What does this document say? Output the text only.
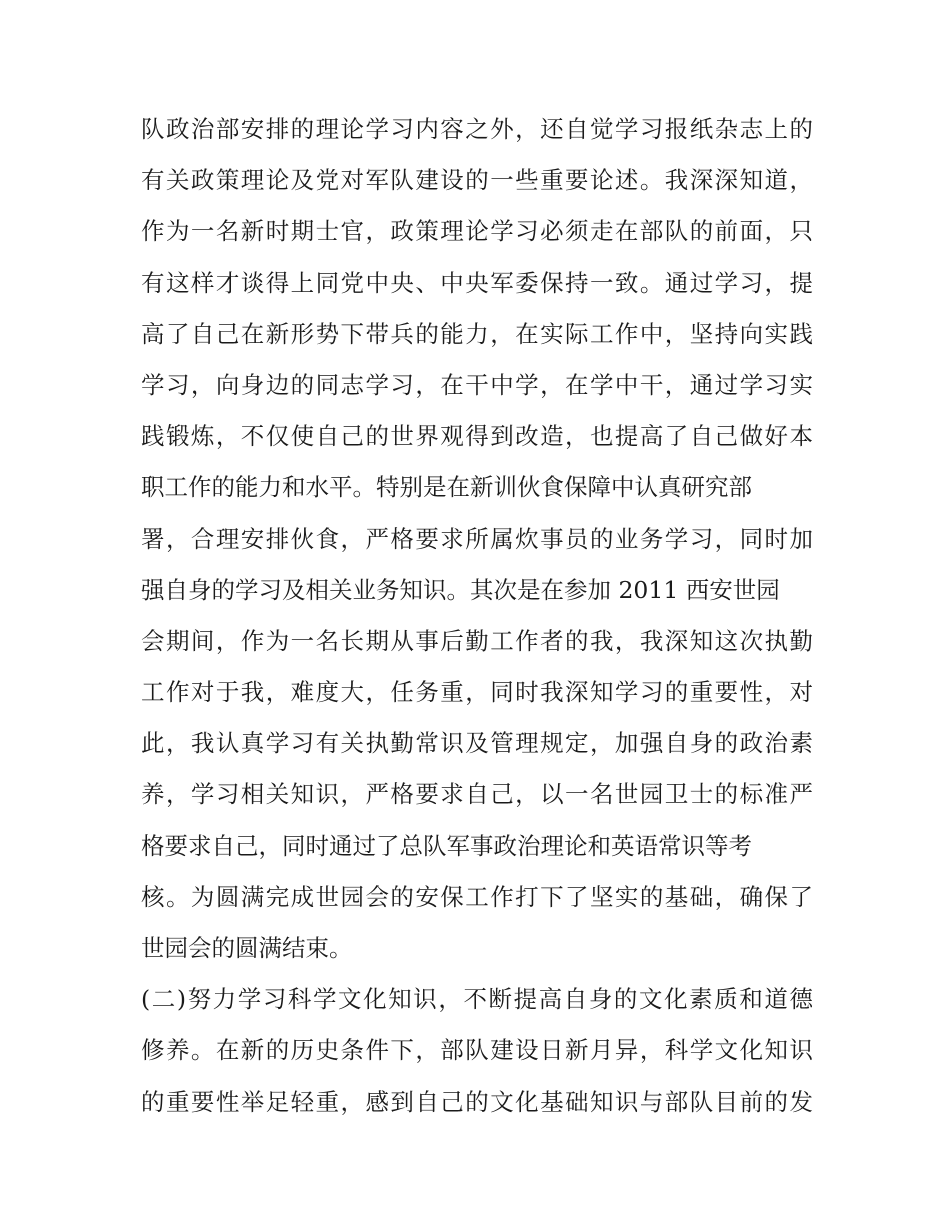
队政治部安排的理论学习内容之外，还自觉学习报纸杂志上的
有关政策理论及党对军队建设的一些重要论述。我深深知道，
作为一名新时期士官，政策理论学习必须走在部队的前面，只
有这样才谈得上同党中央、中央军委保持一致。通过学习，提
高了自己在新形势下带兵的能力，在实际工作中，坚持向实践
学习，向身边的同志学习，在干中学，在学中干，通过学习实
践锻炼，不仅使自己的世界观得到改造，也提高了自己做好本
职工作的能力和水平。特别是在新训伙食保障中认真研究部
署，合理安排伙食，严格要求所属炊事员的业务学习，同时加
强自身的学习及相关业务知识。其次是在参加 2011 西安世园
会期间，作为一名长期从事后勤工作者的我，我深知这次执勤
工作对于我，难度大，任务重，同时我深知学习的重要性，对
此，我认真学习有关执勤常识及管理规定，加强自身的政治素
养，学习相关知识，严格要求自己，以一名世园卫士的标准严
格要求自己，同时通过了总队军事政治理论和英语常识等考
核。为圆满完成世园会的安保工作打下了坚实的基础，确保了
世园会的圆满结束。
(二)努力学习科学文化知识，不断提高自身的文化素质和道德
修养。在新的历史条件下，部队建设日新月异，科学文化知识
的重要性举足轻重，感到自己的文化基础知识与部队目前的发
